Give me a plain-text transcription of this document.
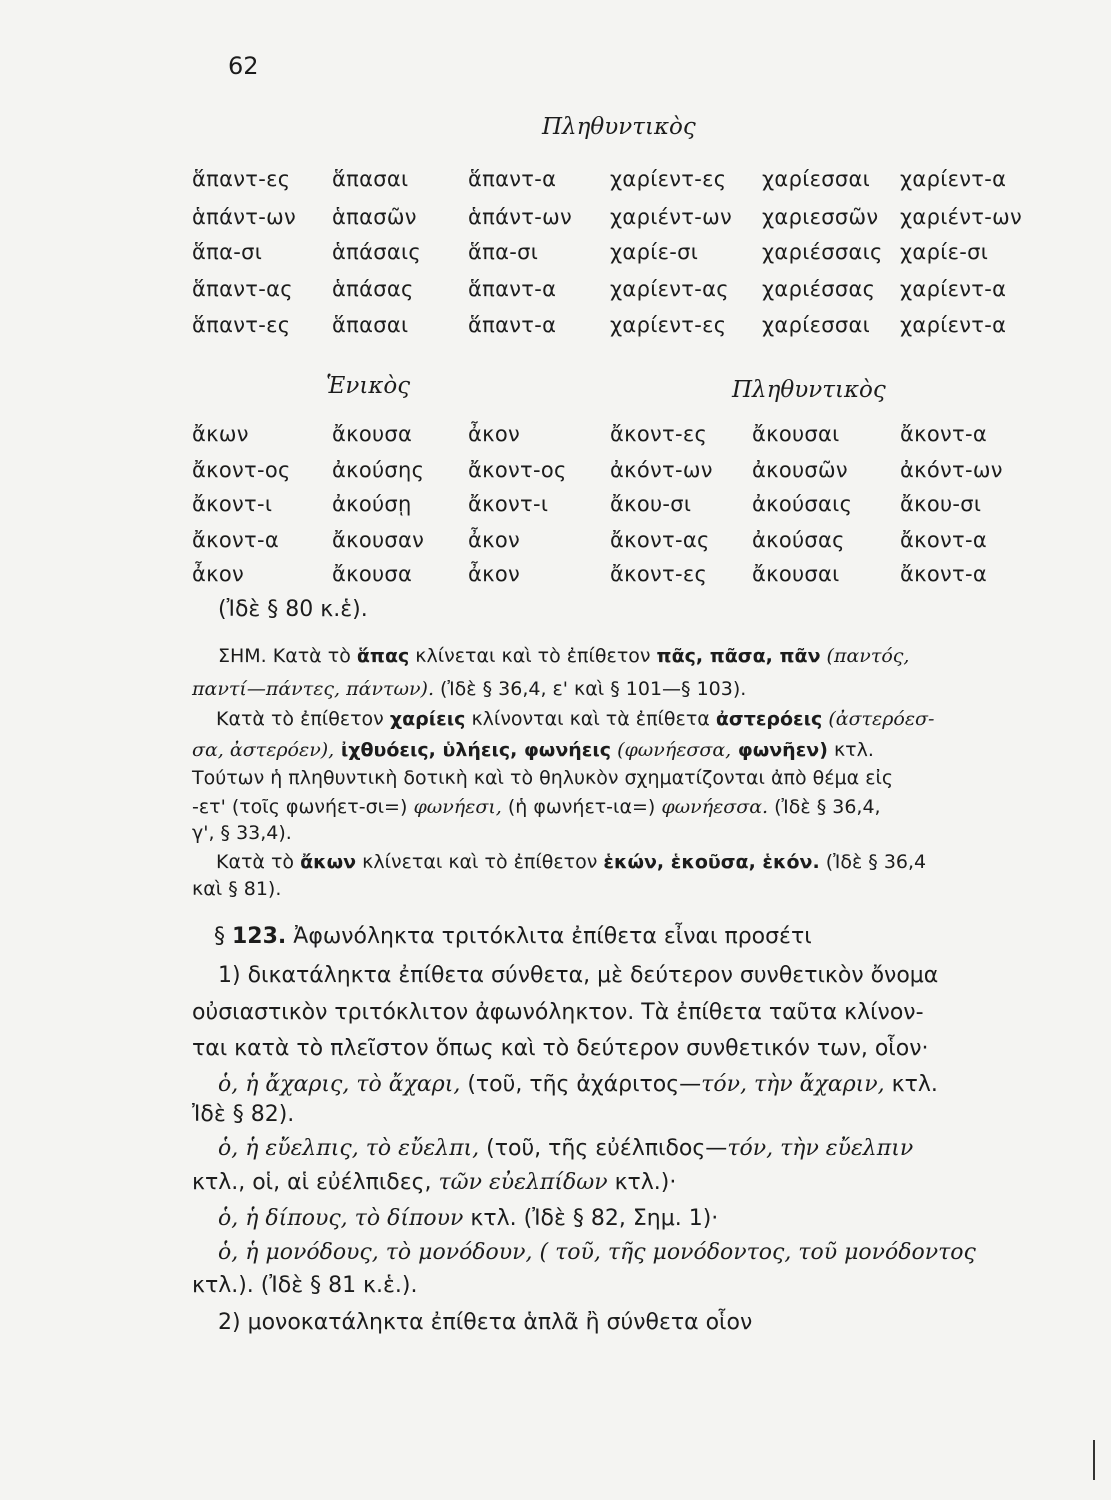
62
Πληθυντικὸς
ἅπαντ-ες ἅπασαι	ἅπαντ-α	χαρίεντ-ες χαρίεσσαι χαρίεντ-α
ἁπάντ-ων ἁπασῶν ἁπάντ-ων χαριέντ-ων χαριεσσῶν χαριέντ-ων
ἅπα-σι	ἁπάσαις ἅπα-σι	χαρίε-σι	χαριέσσαις χαρίε-σι
ἅπαντ-ας ἁπάσας	ἅπαντ-α	χαρίεντ-ας χαριέσσας χαρίεντ-α
ἅπαντ-ες ἅπασαι	ἅπαντ-α	χαρίεντ-ες χαρίεσσαι χαρίεντ-α
Ἑνικὸς	Πληθυντικὸς
ἄκων	ἄκουσα	ἆκον	ἄκοντ-ες ἄκουσαι	ἄκοντ-α
ἄκοντ-ος ἀκούσης ἄκοντ-ος ἀκόντ-ων ἀκουσῶν ἀκόντ-ων
ἄκοντ-ι	ἀκούσῃ	ἄκοντ-ι	ἄκου-σι	ἀκούσαις ἄκου-σι
ἄκοντ-α	ἄκουσαν ἆκον	ἄκοντ-ας ἀκούσας	ἄκοντ-α
ἆκον	ἄκουσα	ἆκον	ἄκοντ-ες ἄκουσαι	ἄκοντ-α
(Ἰδὲ § 80 κ.ἑ).
ΣΗΜ. Κατὰ τὸ ἅπας κλίνεται καὶ τὸ ἐπίθετον πᾶς, πᾶσα, πᾶν (παντός,
παντί—πάντες, πάντων). (Ἰδὲ § 36,4, ε' καὶ § 101—§ 103).
Κατὰ τὸ ἐπίθετον χαρίεις κλίνονται καὶ τὰ ἐπίθετα ἀστερόεις (ἀστερόεσ-
σα, ἀστερόεν), ἰχθυόεις, ὑλήεις, φωνήεις (φωνήεσσα, φωνῆεν) κτλ.
Τούτων ἡ πληθυντικὴ δοτικὴ καὶ τὸ θηλυκὸν σχηματίζονται ἀπὸ θέμα εἰς
-ετ' (τοῖς φωνήετ-σι=) φωνήεσι, (ἡ φωνήετ-ια=) φωνήεσσα. (Ἰδὲ § 36,4,
γ', § 33,4).
Κατὰ τὸ ἄκων κλίνεται καὶ τὸ ἐπίθετον ἑκών, ἑκοῦσα, ἑκόν. (Ἰδὲ § 36,4
καὶ § 81).
§ 123. Ἀφωνόληκτα τριτόκλιτα ἐπίθετα εἶναι προσέτι
1) δικατάληκτα ἐπίθετα σύνθετα, μὲ δεύτερον συνθετικὸν ὄνομα
οὐσιαστικὸν τριτόκλιτον ἀφωνόληκτον. Τὰ ἐπίθετα ταῦτα κλίνον-
ται κατὰ τὸ πλεῖστον ὅπως καὶ τὸ δεύτερον συνθετικόν των, οἷον·
ὁ, ἡ ἄχαρις, τὸ ἄχαρι, (τοῦ, τῆς ἀχάριτος—τόν, τὴν ἄχαριν, κτλ.
Ἰδὲ § 82).
ὁ, ἡ εὔελπις, τὸ εὔελπι, (τοῦ, τῆς εὐέλπιδος—τόν, τὴν εὔελπιν
κτλ., οἱ, αἱ εὐέλπιδες, τῶν εὐελπίδων κτλ.)·
ὁ, ἡ δίπους, τὸ δίπουν κτλ. (Ἰδὲ § 82, Σημ. 1)·
ὁ, ἡ μονόδους, τὸ μονόδουν, ( τοῦ, τῆς μονόδοντος, τοῦ μονόδοντος
κτλ.). (Ἰδὲ § 81 κ.ἑ.).
2) μονοκατάληκτα ἐπίθετα ἁπλᾶ ἢ σύνθετα οἷον
